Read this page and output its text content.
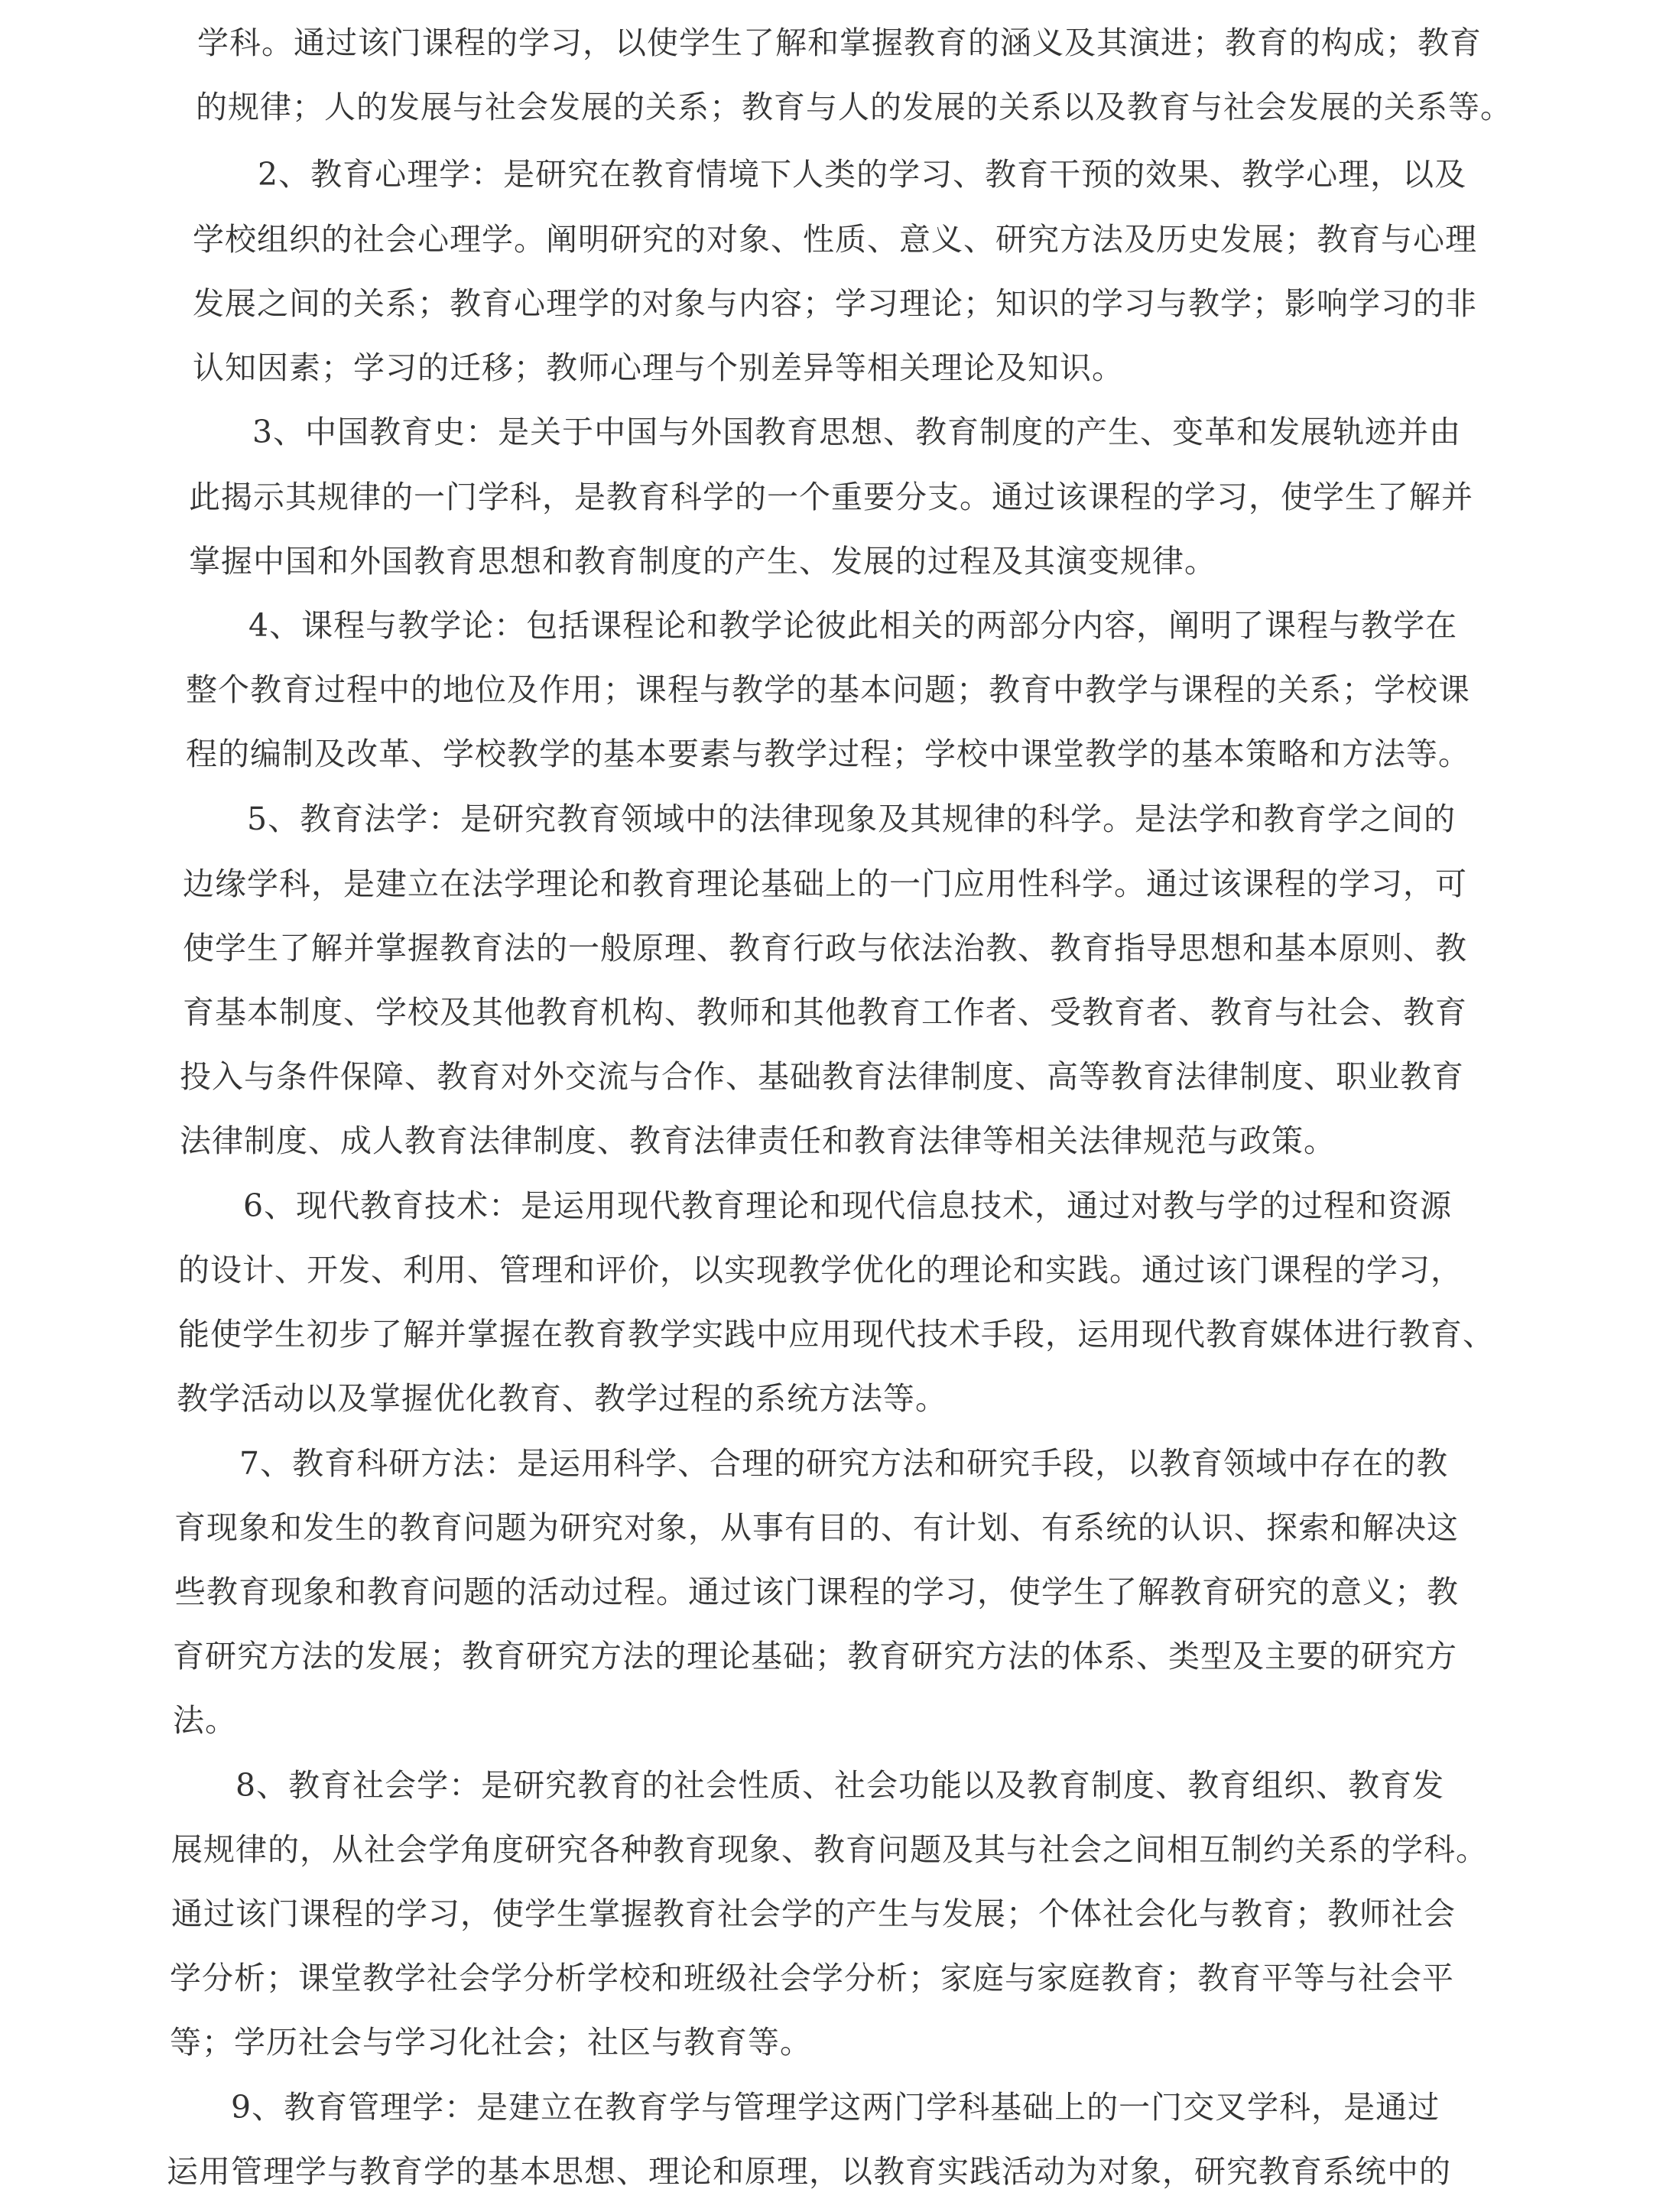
学科。通过该门课程的学习，以使学生了解和掌握教育的涵义及其演进；教育的构成；教育
的规律；人的发展与社会发展的关系；教育与人的发展的关系以及教育与社会发展的关系等。
2、教育心理学：是研究在教育情境下人类的学习、教育干预的效果、教学心理，以及
学校组织的社会心理学。阐明研究的对象、性质、意义、研究方法及历史发展；教育与心理
发展之间的关系；教育心理学的对象与内容；学习理论；知识的学习与教学；影响学习的非
认知因素；学习的迁移；教师心理与个别差异等相关理论及知识。
3、中国教育史：是关于中国与外国教育思想、教育制度的产生、变革和发展轨迹并由
此揭示其规律的一门学科，是教育科学的一个重要分支。通过该课程的学习，使学生了解并
掌握中国和外国教育思想和教育制度的产生、发展的过程及其演变规律。
4、课程与教学论：包括课程论和教学论彼此相关的两部分内容，阐明了课程与教学在
整个教育过程中的地位及作用；课程与教学的基本问题；教育中教学与课程的关系；学校课
程的编制及改革、学校教学的基本要素与教学过程；学校中课堂教学的基本策略和方法等。
5、教育法学：是研究教育领域中的法律现象及其规律的科学。是法学和教育学之间的
边缘学科，是建立在法学理论和教育理论基础上的一门应用性科学。通过该课程的学习，可
使学生了解并掌握教育法的一般原理、教育行政与依法治教、教育指导思想和基本原则、教
育基本制度、学校及其他教育机构、教师和其他教育工作者、受教育者、教育与社会、教育
投入与条件保障、教育对外交流与合作、基础教育法律制度、高等教育法律制度、职业教育
法律制度、成人教育法律制度、教育法律责任和教育法律等相关法律规范与政策。
6、现代教育技术：是运用现代教育理论和现代信息技术，通过对教与学的过程和资源
的设计、开发、利用、管理和评价，以实现教学优化的理论和实践。通过该门课程的学习，
能使学生初步了解并掌握在教育教学实践中应用现代技术手段，运用现代教育媒体进行教育、
教学活动以及掌握优化教育、教学过程的系统方法等。
7、教育科研方法：是运用科学、合理的研究方法和研究手段，以教育领域中存在的教
育现象和发生的教育问题为研究对象，从事有目的、有计划、有系统的认识、探索和解决这
些教育现象和教育问题的活动过程。通过该门课程的学习，使学生了解教育研究的意义；教
育研究方法的发展；教育研究方法的理论基础；教育研究方法的体系、类型及主要的研究方
法。
8、教育社会学：是研究教育的社会性质、社会功能以及教育制度、教育组织、教育发
展规律的，从社会学角度研究各种教育现象、教育问题及其与社会之间相互制约关系的学科。
通过该门课程的学习，使学生掌握教育社会学的产生与发展；个体社会化与教育；教师社会
学分析；课堂教学社会学分析学校和班级社会学分析；家庭与家庭教育；教育平等与社会平
等；学历社会与学习化社会；社区与教育等。
9、教育管理学：是建立在教育学与管理学这两门学科基础上的一门交叉学科，是通过
运用管理学与教育学的基本思想、理论和原理，以教育实践活动为对象，研究教育系统中的
